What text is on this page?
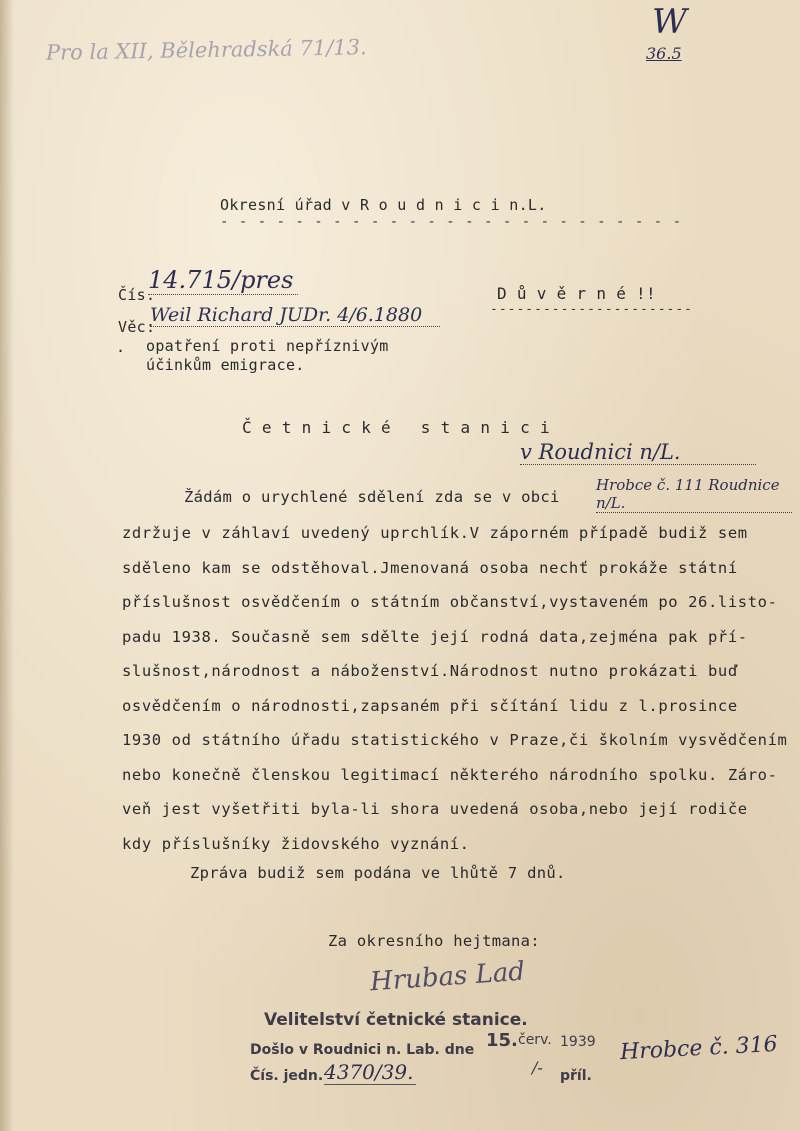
Pro la XII, Bělehradská 71/13.
W
36.5
Okresní úřad v R o u d n i c i n.L.
- - - - - - - - - - - - - - - - - - - - - - - - -
Čís.
14.715/pres	D ů v ě r n é !!
-----------------------
Věc:
Weil Richard JUDr. 4/6.1880
opatření proti nepříznivým
účinkům emigrace.
.
Č e t n i c k é   s t a n i c i
v Roudnici n/L.
Žádám o urychlené sdělení zda se v obci
Hrobce č. 111 Roudnice n/L.
zdržuje v záhlaví uvedený uprchlík.V záporném případě budiž sem
sděleno kam se odstěhoval.Jmenovaná osoba nechť prokáže státní
příslušnost osvědčením o státním občanství,vystaveném po 26.listo-
padu 1938. Současně sem sdělte její rodná data,zejména pak pří-
slušnost,národnost a náboženství.Národnost nutno prokázati buď
osvědčením o národnosti,zapsaném při sčítání lidu z l.prosince
1930 od státního úřadu statistického v Praze,či školním vysvědčením
nebo konečně členskou legitimací některého národního spolku. Záro-
veň jest vyšetřiti byla-li shora uvedená osoba,nebo její rodiče
kdy příslušníky židovského vyznání.
Zpráva budiž sem podána ve lhůtě 7 dnů.
Za okresního hejtmana:
Hrubas Lad
Velitelství četnické stanice.
Došlo v Roudnici n. Lab. dne 15. červ. 1939
Čís. jedn. 4370/39.	/- příl.
Hrobce č. 316
